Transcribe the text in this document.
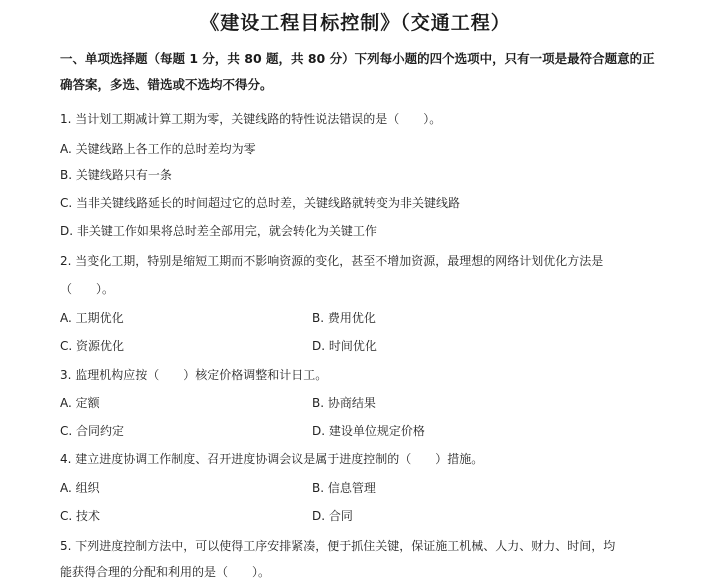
《建设工程目标控制》（交通工程）
一、单项选择题（每题 1 分，共 80 题，共 80 分）下列每小题的四个选项中，只有一项是最符合题意的正
确答案，多选、错选或不选均不得分。
1. 当计划工期减计算工期为零，关键线路的特性说法错误的是（　　）。
A. 关键线路上各工作的总时差均为零
B. 关键线路只有一条
C. 当非关键线路延长的时间超过它的总时差，关键线路就转变为非关键线路
D. 非关键工作如果将总时差全部用完，就会转化为关键工作
2. 当变化工期，特别是缩短工期而不影响资源的变化，甚至不增加资源，最理想的网络计划优化方法是
（　　）。
A. 工期优化	B. 费用优化
C. 资源优化	D. 时间优化
3. 监理机构应按（　　）核定价格调整和计日工。
A. 定额	B. 协商结果
C. 合同约定	D. 建设单位规定价格
4. 建立进度协调工作制度、召开进度协调会议是属于进度控制的（　　）措施。
A. 组织	B. 信息管理
C. 技术	D. 合同
5. 下列进度控制方法中，可以使得工序安排紧凑，便于抓住关键，保证施工机械、人力、财力、时间，均
能获得合理的分配和利用的是（　　）。
